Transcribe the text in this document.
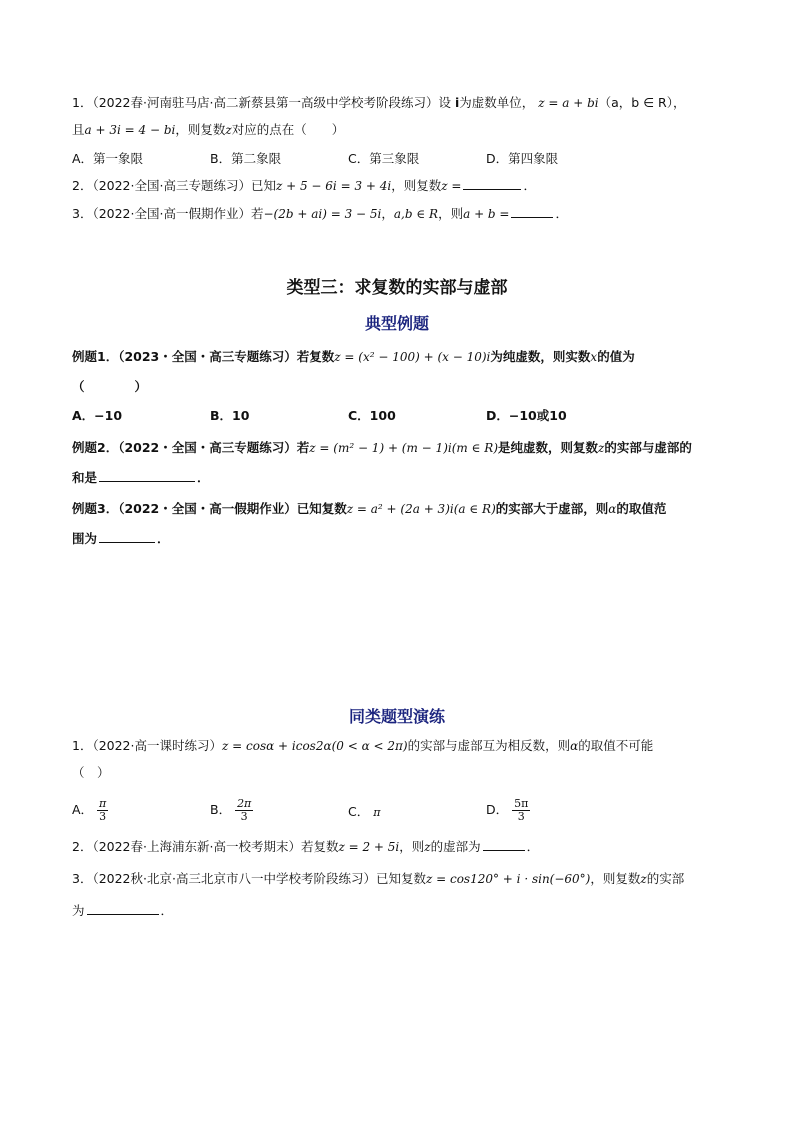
1．（2022春·河南驻马店·高二新蔡县第一高级中学校考阶段练习）设 i为虚数单位， z = a + bi（a，b ∈ R），
且a + 3i = 4 − bi，则复数z对应的点在（　　）
A．第一象限	B．第二象限	C．第三象限	D．第四象限
2．（2022·全国·高三专题练习）已知z + 5 − 6i = 3 + 4i，则复数z =	．
3．（2022·全国·高一假期作业）若−(2b + ai) = 3 − 5i，a,b ∈ R，则a + b =	．
类型三：求复数的实部与虚部
典型例题
例题1．（2023・全国・高三专题练习）若复数z = (x² − 100) + (x − 10)i为纯虚数，则实数x的值为
（　　　　）
A．−10	B．10	C．100	D．−10或10
例题2．（2022・全国・高三专题练习）若z = (m² − 1) + (m − 1)i(m ∈ R)是纯虚数，则复数z的实部与虚部的
和是	．
例题3．（2022・全国・高一假期作业）已知复数z = a² + (2a + 3)i(a ∈ R)的实部大于虚部，则α的取值范
围为	．
同类题型演练
1．（2022·高一课时练习）z = cosα + icos2α(0 < α < 2π)的实部与虚部互为相反数，则α的取值不可能
（　）
A． $\frac{\pi}{3}$	B． $\frac{2\pi}{3}$	C． π	D． $\frac{5\pi}{3}$
2．（2022春·上海浦东新·高一校考期末）若复数z = 2 + 5i，则z的虚部为	．
3．（2022秋·北京·高三北京市八一中学校考阶段练习）已知复数z = cos120° + i · sin(−60°)，则复数z的实部
为	．
